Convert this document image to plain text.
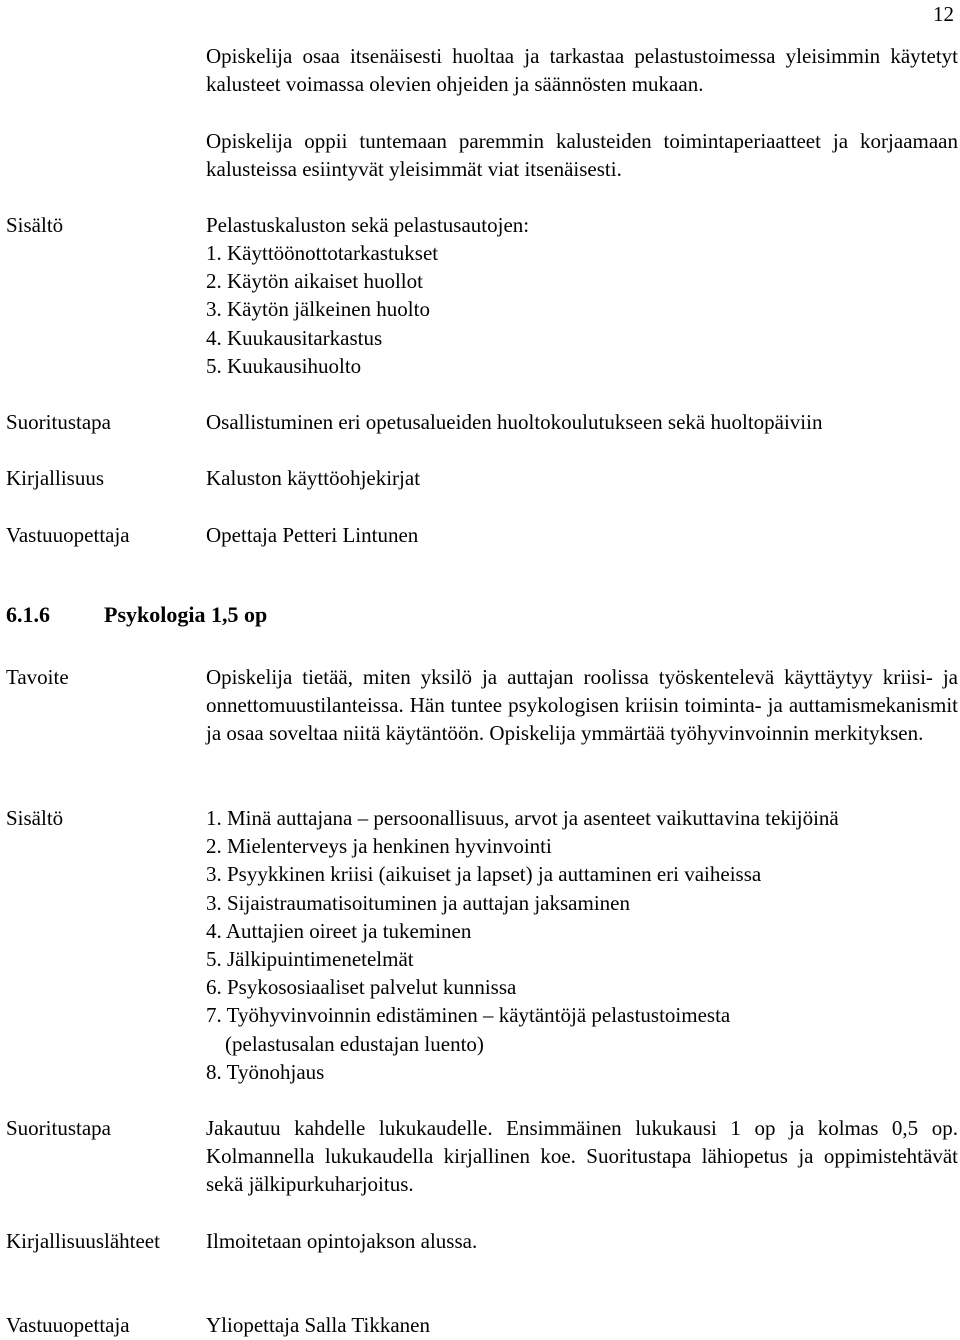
12
Opiskelija osaa itsenäisesti huoltaa ja tarkastaa pelastustoimessa yleisimmin käytetyt kalusteet voimassa olevien ohjeiden ja säännösten mukaan.
Opiskelija oppii tuntemaan paremmin kalusteiden toimintaperiaatteet ja korjaamaan kalusteissa esiintyvät yleisimmät viat itsenäisesti.
Sisältö	Pelastuskaluston sekä pelastusautojen:
1. Käyttöönottotarkastukset
2. Käytön aikaiset huollot
3. Käytön jälkeinen huolto
4. Kuukausitarkastus
5. Kuukausihuolto
Suoritustapa	Osallistuminen eri opetusalueiden huoltokoulutukseen sekä huoltopäiviin
Kirjallisuus	Kaluston käyttöohjekirjat
Vastuuopettaja	Opettaja Petteri Lintunen
6.1.6 Psykologia 1,5 op
Tavoite	Opiskelija tietää, miten yksilö ja auttajan roolissa työskentelevä käyttäytyy kriisi- ja onnettomuustilanteissa. Hän tuntee psykologisen kriisin toiminta- ja auttamismekanismit ja osaa soveltaa niitä käytäntöön. Opiskelija ymmärtää työhyvinvoinnin merkityksen.
Sisältö	1. Minä auttajana – persoonallisuus, arvot ja asenteet vaikuttavina tekijöinä
2. Mielenterveys ja henkinen hyvinvointi
3. Psyykkinen kriisi (aikuiset ja lapset) ja auttaminen eri vaiheissa
3. Sijaistraumatisoituminen ja auttajan jaksaminen
4. Auttajien oireet ja tukeminen
5. Jälkipuintimenetelmät
6. Psykososiaaliset palvelut kunnissa
7. Työhyvinvoinnin edistäminen – käytäntöjä pelastustoimesta
(pelastusalan edustajan luento)
8. Työnohjaus
Suoritustapa	Jakautuu kahdelle lukukaudelle. Ensimmäinen lukukausi 1 op ja kolmas 0,5 op. Kolmannella lukukaudella kirjallinen koe. Suoritustapa lähiopetus ja oppimistehtävät sekä jälkipurkuharjoitus.
Kirjallisuuslähteet Ilmoitetaan opintojakson alussa.
Vastuuopettaja	Yliopettaja Salla Tikkanen
